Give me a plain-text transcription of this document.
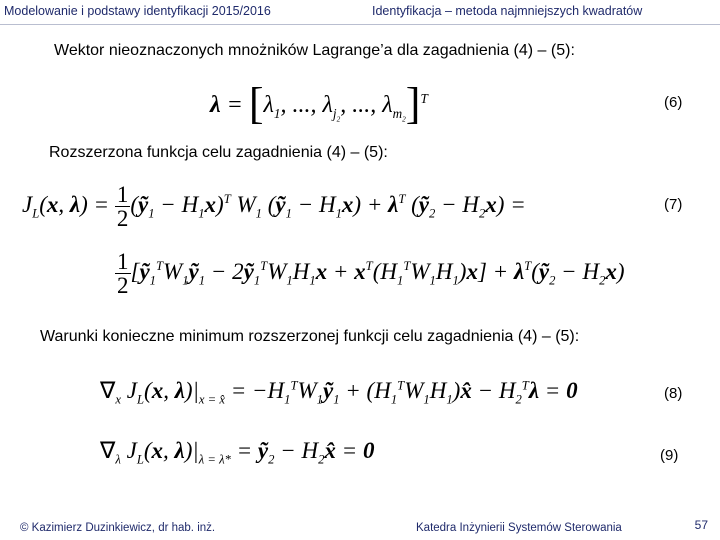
Modelowanie i podstawy identyfikacji 2015/2016	Identyfikacja – metoda najmniejszych kwadratów
Wektor nieoznaczonych mnożników Lagrange’a dla zagadnienia (4) – (5):
$\lambda = [\lambda_1$, ..., $\lambda_{j_2}$, ..., $\lambda_{m_2}]^T$	(6)
Rozszerzona funkcja celu zagadnienia (4) – (5):
$J_L(x$, $\lambda) = \frac{1}{2}$ (ỹ$_1$ − $H_1x)^T$ $W_1$ (ỹ$_1$ − $H_1x) + \lambda^T$ (ỹ$_2$ − $H_2x$) =	(7)
$\frac{1}{2}$ [$ỹ_1^TW_1ỹ_1$ − $2ỹ_1^TW_1H_1x + x^T(H_1^TW_1H_1)x$] + $\lambda^T(ỹ_2 - H_2x)$
Warunki konieczne minimum rozszerzonej funkcji celu zagadnienia (4) – (5):
$\nabla_x$ $J_L(x$, $\lambda)|_{x = x̂}$ = $-H_1^TW_1ỹ_1$ + $(H_1^TW_1H_1)x̂ - H_2^T\lambda = 0$	(8)
$\nabla_\lambda$ $J_L(x$, $\lambda)|_{\lambda = \lambda*}$ = ỹ$_2$ − $H_2x̂ = 0$	(9)
© Kazimierz Duzinkiewicz, dr hab. inż.	Katedra Inżynierii Systemów Sterowania	57
